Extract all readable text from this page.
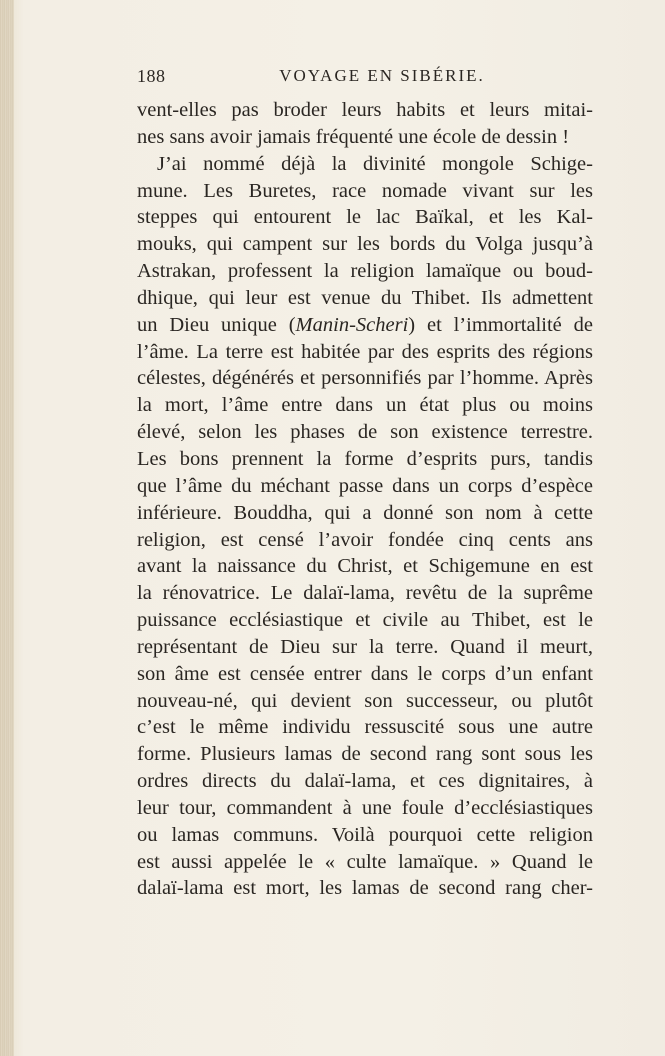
188	VOYAGE EN SIBÉRIE.
vent-elles pas broder leurs habits et leurs mitai-
nes sans avoir jamais fréquenté une école de dessin !
J’ai nommé déjà la divinité mongole Schige-
mune. Les Buretes, race nomade vivant sur les
steppes qui entourent le lac Baïkal, et les Kal-
mouks, qui campent sur les bords du Volga jusqu’à
Astrakan, professent la religion lamaïque ou boud-
dhique, qui leur est venue du Thibet. Ils admettent
un Dieu unique (Manin-Scheri) et l’immortalité de
l’âme. La terre est habitée par des esprits des régions
célestes, dégénérés et personnifiés par l’homme. Après
la mort, l’âme entre dans un état plus ou moins
élevé, selon les phases de son existence terrestre.
Les bons prennent la forme d’esprits purs, tandis
que l’âme du méchant passe dans un corps d’espèce
inférieure. Bouddha, qui a donné son nom à cette
religion, est censé l’avoir fondée cinq cents ans
avant la naissance du Christ, et Schigemune en est
la rénovatrice. Le dalaï-lama, revêtu de la suprême
puissance ecclésiastique et civile au Thibet, est le
représentant de Dieu sur la terre. Quand il meurt,
son âme est censée entrer dans le corps d’un enfant
nouveau-né, qui devient son successeur, ou plutôt
c’est le même individu ressuscité sous une autre
forme. Plusieurs lamas de second rang sont sous les
ordres directs du dalaï-lama, et ces dignitaires, à
leur tour, commandent à une foule d’ecclésiastiques
ou lamas communs. Voilà pourquoi cette religion
est aussi appelée le « culte lamaïque. » Quand le
dalaï-lama est mort, les lamas de second rang cher-
